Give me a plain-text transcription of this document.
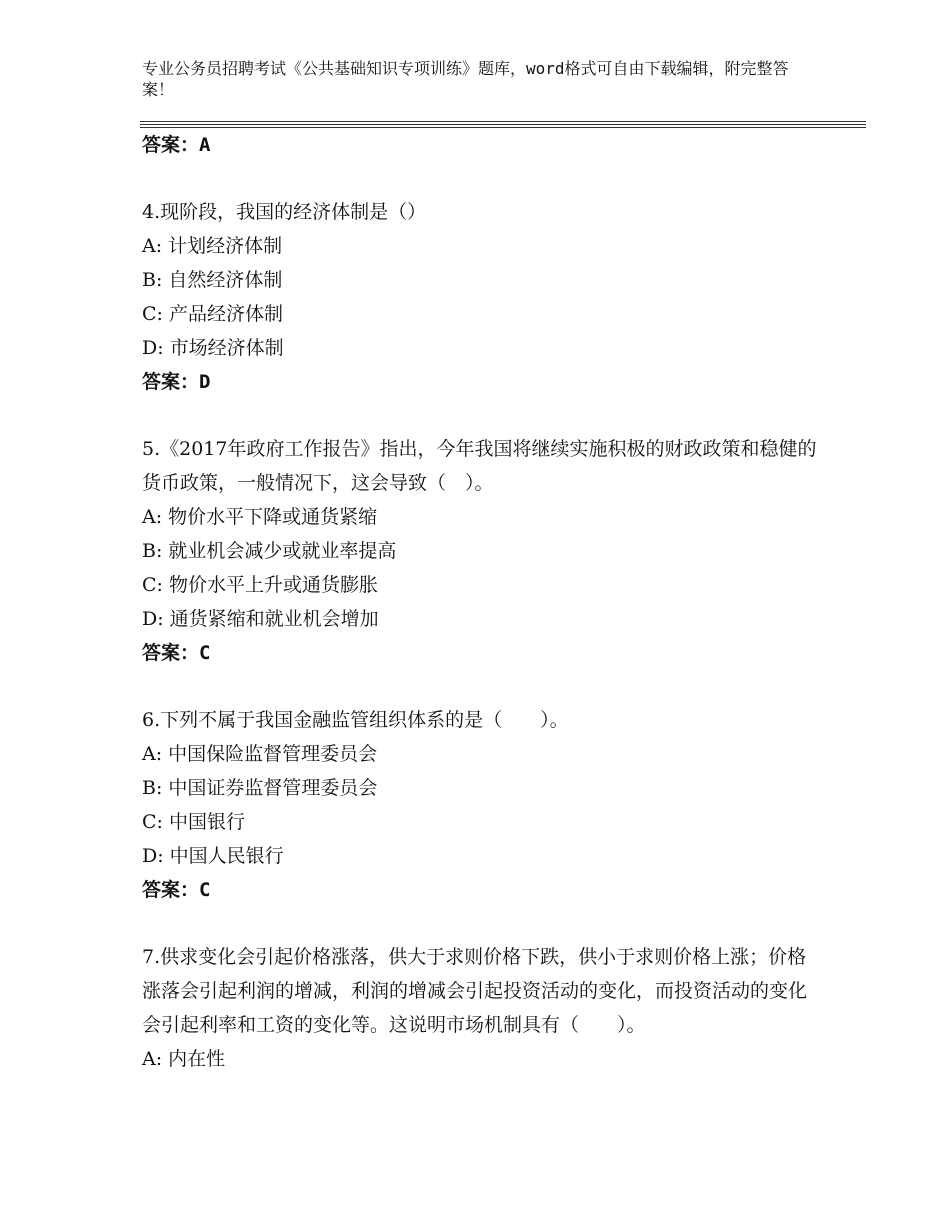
专业公务员招聘考试《公共基础知识专项训练》题库，word格式可自由下载编辑，附完整答案！
答案：A
4.现阶段，我国的经济体制是（）
A: 计划经济体制
B: 自然经济体制
C: 产品经济体制
D: 市场经济体制
答案：D
5.《2017年政府工作报告》指出，今年我国将继续实施积极的财政政策和稳健的货币政策，一般情况下，这会导致（　）。
A: 物价水平下降或通货紧缩
B: 就业机会减少或就业率提高
C: 物价水平上升或通货膨胀
D: 通货紧缩和就业机会增加
答案：C
6.下列不属于我国金融监管组织体系的是（　　）。
A: 中国保险监督管理委员会
B: 中国证券监督管理委员会
C: 中国银行
D: 中国人民银行
答案：C
7.供求变化会引起价格涨落，供大于求则价格下跌，供小于求则价格上涨；价格涨落会引起利润的增减，利润的增减会引起投资活动的变化，而投资活动的变化会引起利率和工资的变化等。这说明市场机制具有（　　）。
A: 内在性
